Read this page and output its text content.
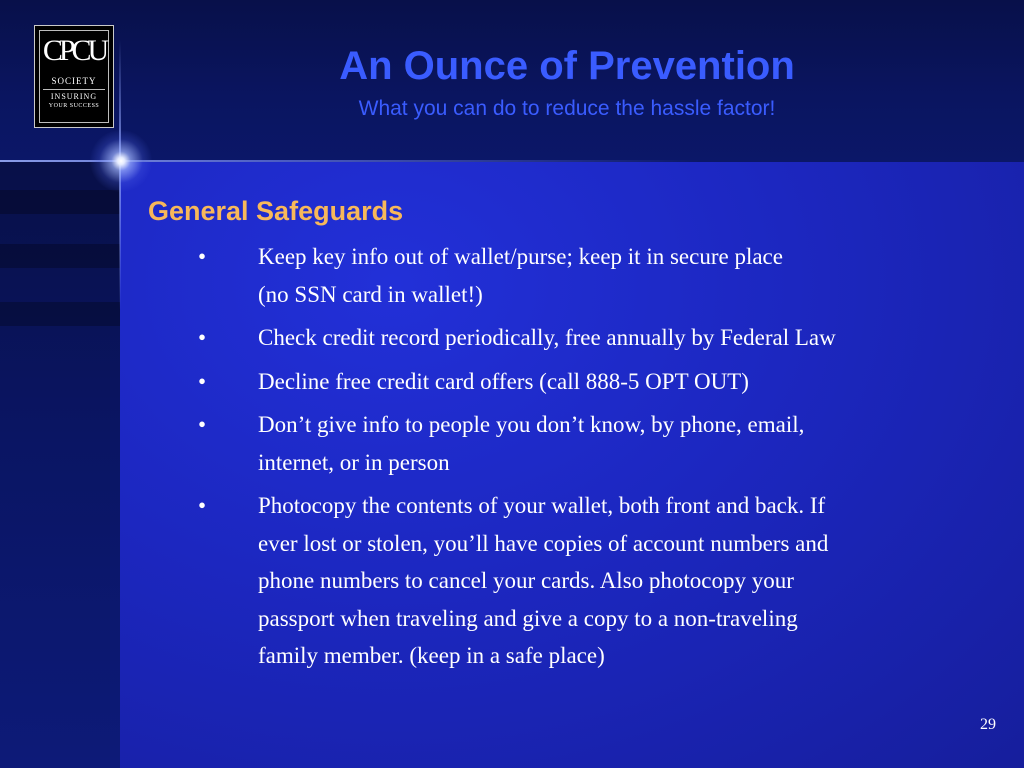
CPCU
SOCIETY
INSURING
YOUR SUCCESS
An Ounce of Prevention
What you can do to reduce the hassle factor!
General Safeguards
• Keep key info out of wallet/purse; keep it in secure place
(no SSN card in wallet!)
• Check credit record periodically, free annually by Federal Law
• Decline free credit card offers (call 888-5 OPT OUT)
• Don’t give info to people you don’t know, by phone, email,
internet, or in person
• Photocopy the contents of your wallet, both front and back. If
ever lost or stolen, you’ll have copies of account numbers and
phone numbers to cancel your cards. Also photocopy your
passport when traveling and give a copy to a non-traveling
family member. (keep in a safe place)
29
